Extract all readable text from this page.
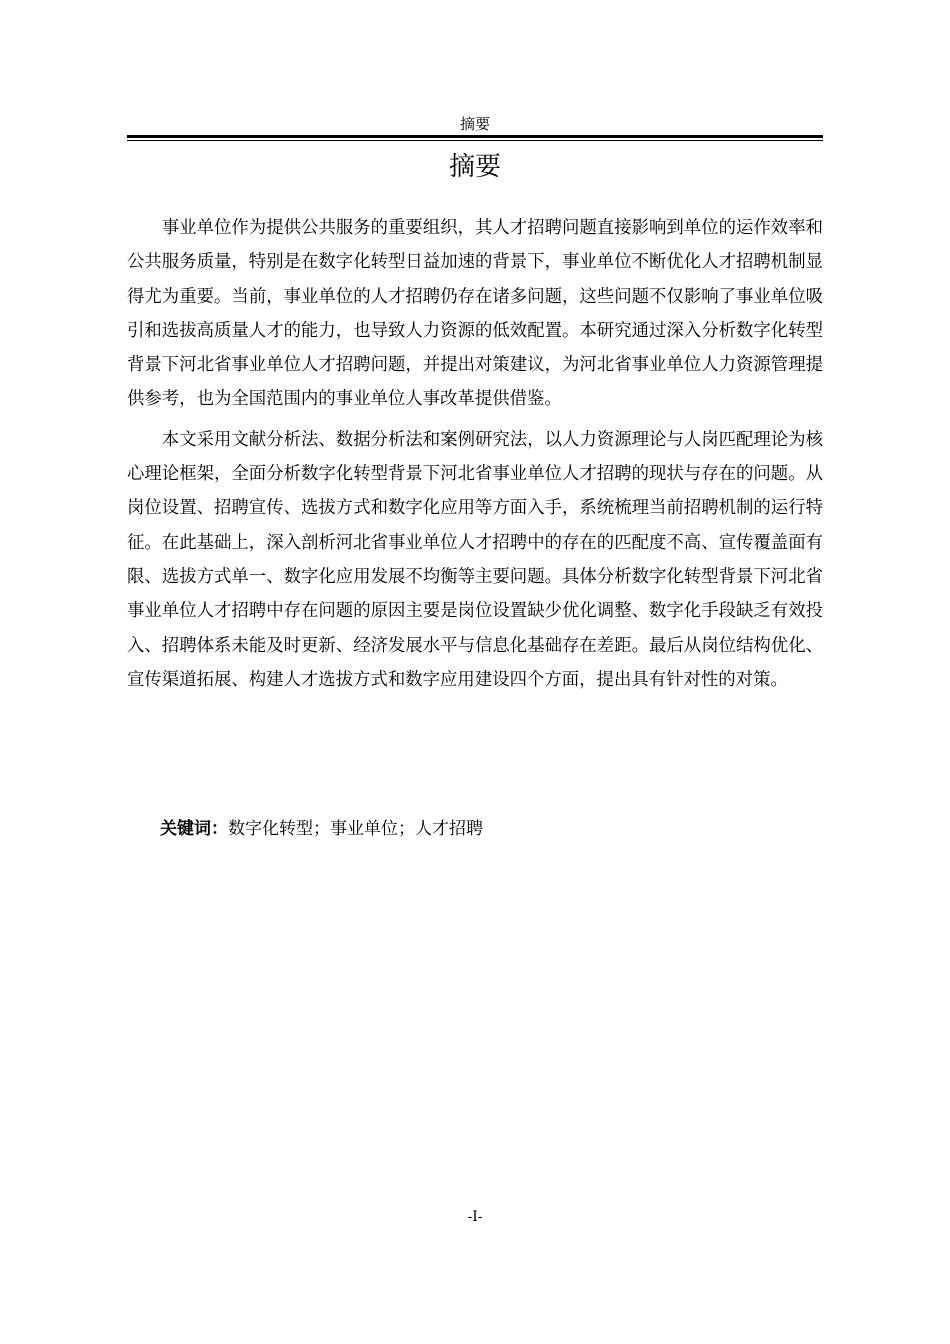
摘要
摘要

事业单位作为提供公共服务的重要组织，其人才招聘问题直接影响到单位的运作效率和公共服务质量，特别是在数字化转型日益加速的背景下，事业单位不断优化人才招聘机制显得尤为重要。当前，事业单位的人才招聘仍存在诸多问题，这些问题不仅影响了事业单位吸引和选拔高质量人才的能力，也导致人力资源的低效配置。本研究通过深入分析数字化转型背景下河北省事业单位人才招聘问题，并提出对策建议，为河北省事业单位人力资源管理提供参考，也为全国范围内的事业单位人事改革提供借鉴。

本文采用文献分析法、数据分析法和案例研究法，以人力资源理论与人岗匹配理论为核心理论框架，全面分析数字化转型背景下河北省事业单位人才招聘的现状与存在的问题。从岗位设置、招聘宣传、选拔方式和数字化应用等方面入手，系统梳理当前招聘机制的运行特征。在此基础上，深入剖析河北省事业单位人才招聘中的存在的匹配度不高、宣传覆盖面有限、选拔方式单一、数字化应用发展不均衡等主要问题。具体分析数字化转型背景下河北省事业单位人才招聘中存在问题的原因主要是岗位设置缺少优化调整、数字化手段缺乏有效投入、招聘体系未能及时更新、经济发展水平与信息化基础存在差距。最后从岗位结构优化、宣传渠道拓展、构建人才选拔方式和数字应用建设四个方面，提出具有针对性的对策。

关键词：数字化转型；事业单位；人才招聘
-I-
